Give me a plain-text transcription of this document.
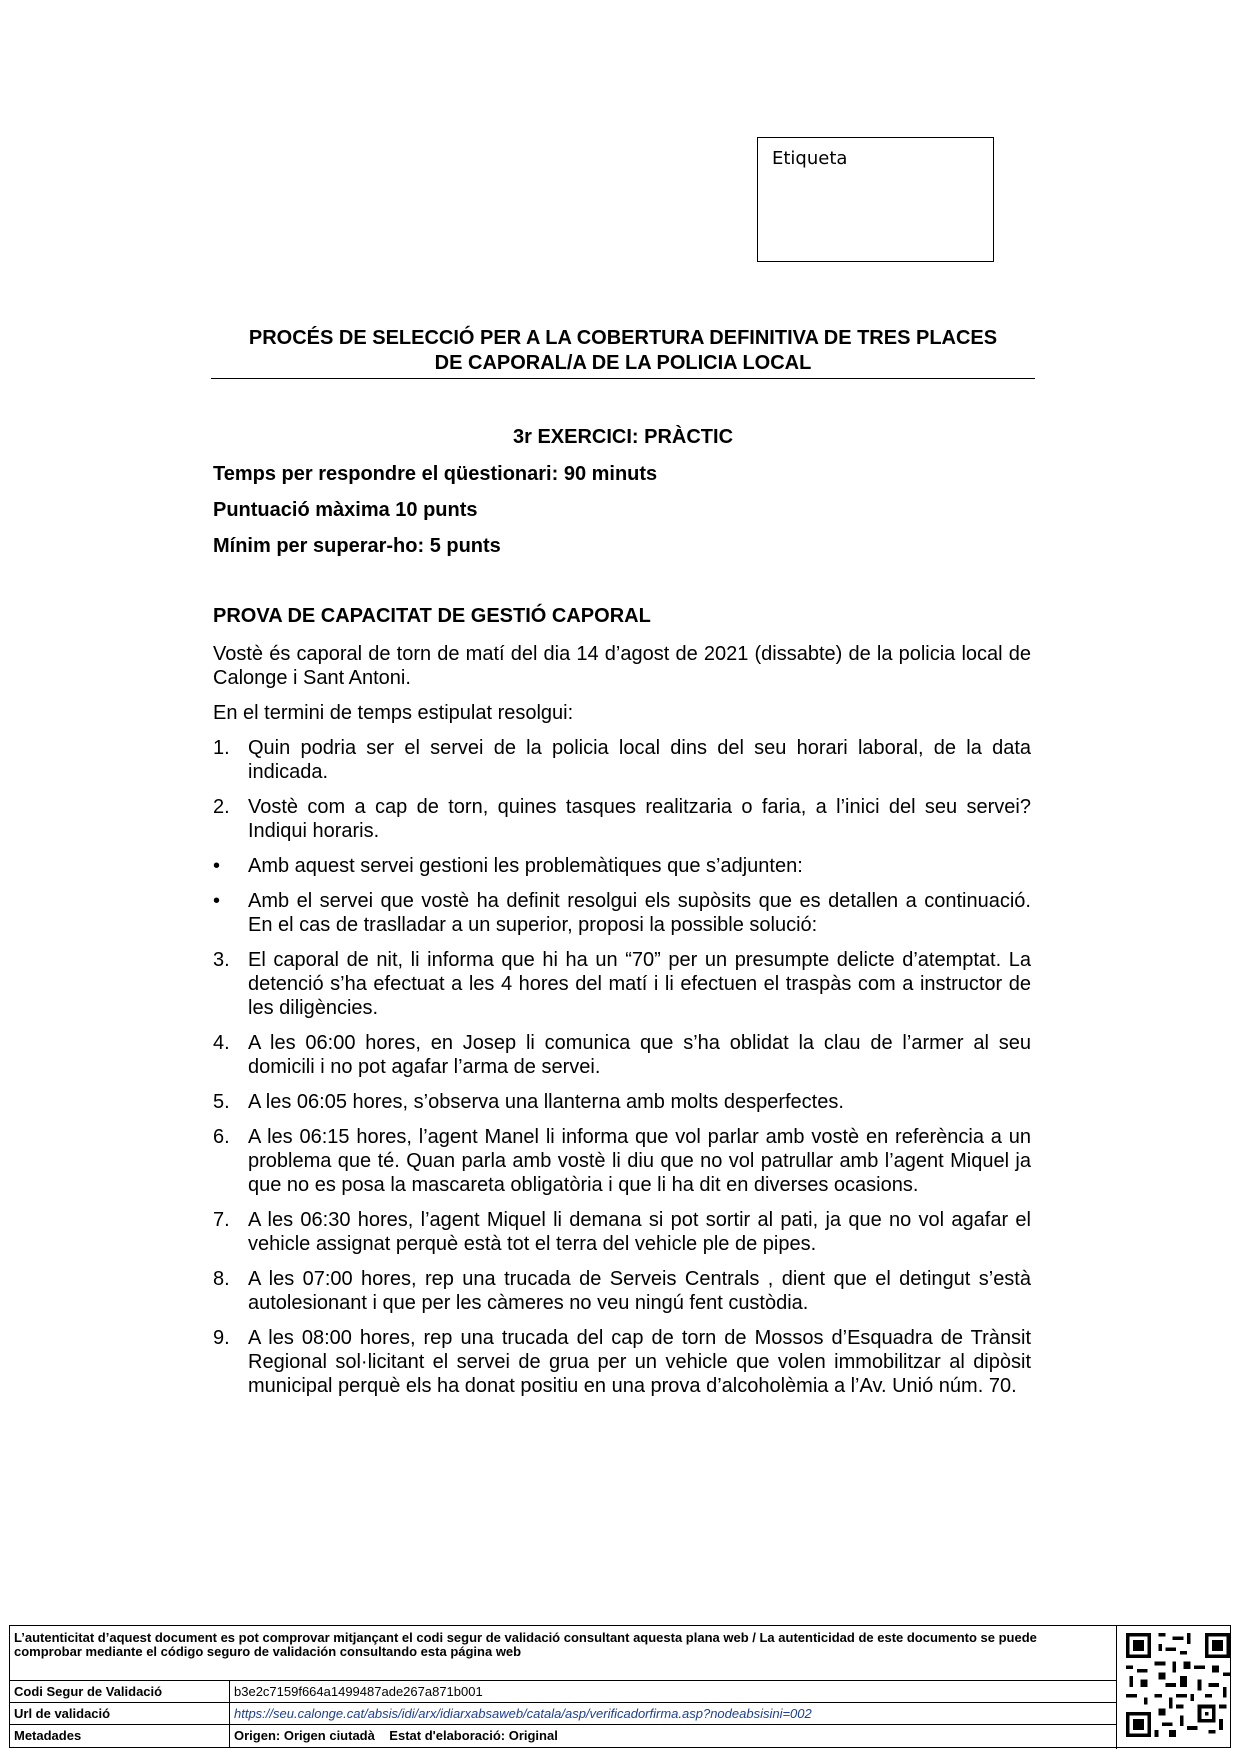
Etiqueta
PROCÉS DE SELECCIÓ PER A LA COBERTURA DEFINITIVA DE TRES PLACES
DE CAPORAL/A DE LA POLICIA LOCAL
3r EXERCICI: PRÀCTIC
Temps per respondre el qüestionari: 90 minuts
Puntuació màxima 10 punts
Mínim per superar-ho: 5 punts
PROVA DE CAPACITAT DE GESTIÓ CAPORAL

Vostè és caporal de torn de matí del dia 14 d’agost de 2021 (dissabte) de la policia local de Calonge i Sant Antoni.

En el termini de temps estipulat resolgui:

1. Quin podria ser el servei de la policia local dins del seu horari laboral, de la data indicada.
2. Vostè com a cap de torn, quines tasques realitzaria o faria, a l’inici del seu servei? Indiqui horaris.
•	Amb aquest servei gestioni les problemàtiques que s’adjunten:
•	Amb el servei que vostè ha definit resolgui els supòsits que es detallen a continuació. En el cas de traslladar a un superior, proposi la possible solució:
3. El caporal de nit, li informa que hi ha un “70” per un presumpte delicte d’atemptat. La detenció s’ha efectuat a les 4 hores del matí i li efectuen el traspàs com a instructor de les diligències.
4. A les 06:00 hores, en Josep li comunica que s’ha oblidat la clau de l’armer al seu domicili i no pot agafar l’arma de servei.
5. A les 06:05 hores, s’observa una llanterna amb molts desperfectes.
6. A les 06:15 hores, l’agent Manel li informa que vol parlar amb vostè en referència a un problema que té. Quan parla amb vostè li diu que no vol patrullar amb l’agent Miquel ja que no es posa la mascareta obligatòria i que li ha dit en diverses ocasions.
7. A les 06:30 hores, l’agent Miquel li demana si pot sortir al pati, ja que no vol agafar el vehicle assignat perquè està tot el terra del vehicle ple de pipes.
8. A les 07:00 hores, rep una trucada de Serveis Centrals , dient que el detingut s’està autolesionant i que per les càmeres no veu ningú fent custòdia.
9. A les 08:00 hores, rep una trucada del cap de torn de Mossos d’Esquadra de Trànsit Regional sol·licitant el servei de grua per un vehicle que volen immobilitzar al dipòsit municipal perquè els ha donat positiu en una prova d’alcoholèmia a l’Av. Unió núm. 70.
L’autenticitat d’aquest document es pot comprovar mitjançant el codi segur de validació consultant aquesta plana web / La autenticidad de este documento se puede comprobar mediante el código seguro de validación consultando esta página web
Codi Segur de Validació	b3e2c7159f664a1499487ade267a871b001
Url de validació	https://seu.calonge.cat/absis/idi/arx/idiarxabsaweb/catala/asp/verificadorfirma.asp?nodeabsisini=002
Metadades	Origen: Origen ciutadà    Estat d'elaboració: Original
